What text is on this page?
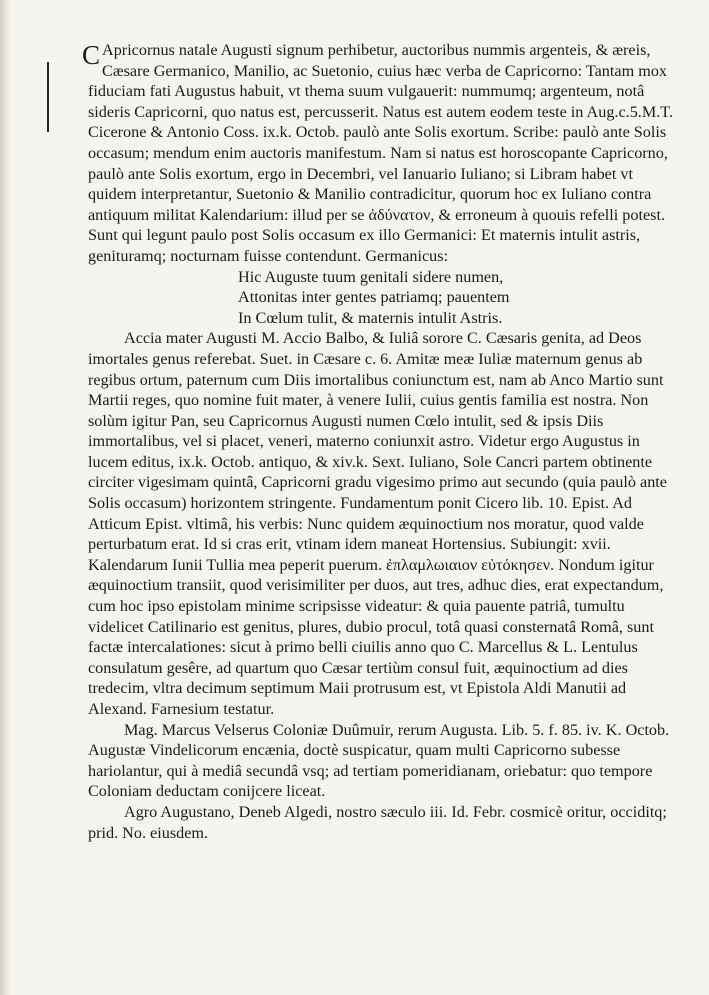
C Apricornus natale Augusti signum perhibetur, auctoribus nummis argenteis, & æreis, Cæsare Germanico, Manilio, ac Suetonio, cuius hæc verba de Capricorno: Tantam mox fiduciam fati Augustus habuit, vt thema suum vulgauerit: nummumq; argenteum, notâ sideris Capricorni, quo natus est, percusserit. Natus est autem eodem teste in Aug.c.5.M.T. Cicerone & Antonio Coss. ix.k. Octob. paulò ante Solis exortum. Scribe: paulò ante Solis occasum; mendum enim auctoris manifestum. Nam si natus est horoscopante Capricorno, paulò ante Solis exortum, ergo in Decembri, vel Ianuario Iuliano; si Libram habet vt quidem interpretantur, Suetonio & Manilio contradicitur, quorum hoc ex Iuliano contra antiquum militat Kalendarium: illud per se ἀδύνατον, & erroneum à quouis refelli potest. Sunt qui legunt paulo post Solis occasum ex illo Germanici: Et maternis intulit astris, genituramq; nocturnam fuisse contendunt. Germanicus:

Hic Auguste tuum genitali sidere numen,

Attonitas inter gentes patriamq; pauentem

In Cœlum tulit, & maternis intulit Astris.

Accia mater Augusti M. Accio Balbo, & Iuliâ sorore C. Cæsaris genita, ad Deos imortales genus referebat. Suet. in Cæsare c. 6. Amitæ meæ Iuliæ maternum genus ab regibus ortum, paternum cum Diis imortalibus coniunctum est, nam ab Anco Martio sunt Martii reges, quo nomine fuit mater, à venere Iulii, cuius gentis familia est nostra. Non solùm igitur Pan, seu Capricornus Augusti numen Cœlo intulit, sed & ipsis Diis immortalibus, vel si placet, veneri, materno coniunxit astro. Videtur ergo Augustus in lucem editus, ix.k. Octob. antiquo, & xiv.k. Sext. Iuliano, Sole Cancri partem obtinente circiter vigesimam quintâ, Capricorni gradu vigesimo primo aut secundo (quia paulò ante Solis occasum) horizontem stringente. Fundamentum ponit Cicero lib. 10. Epist. Ad Atticum Epist. vltimâ, his verbis: Nunc quidem æquinoctium nos moratur, quod valde perturbatum erat. Id si cras erit, vtinam idem maneat Hortensius. Subiungit: xvii. Kalendarum Iunii Tullia mea peperit puerum. ἐπλαμλωιαιον εὐτόκησεν. Nondum igitur æquinoctium transiit, quod verisimiliter per duos, aut tres, adhuc dies, erat expectandum, cum hoc ipso epistolam minime scripsisse videatur: & quia pauente patriâ, tumultu videlicet Catilinario est genitus, plures, dubio procul, totâ quasi consternatâ Româ, sunt factæ intercalationes: sicut à primo belli ciuilis anno quo C. Marcellus & L. Lentulus consulatum gesêre, ad quartum quo Cæsar tertiùm consul fuit, æquinoctium ad dies tredecim, vltra decimum septimum Maii protrusum est, vt Epistola Aldi Manutii ad Alexand. Farnesium testatur.

Mag. Marcus Velserus Coloniæ Duûmuir, rerum Augusta. Lib. 5. f. 85. iv. K. Octob. Augustæ Vindelicorum encænia, doctè suspicatur, quam multi Capricorno subesse hariolantur, qui à mediâ secundâ vsq; ad tertiam pomeridianam, oriebatur: quo tempore Coloniam deductam conijcere liceat.

Agro Augustano, Deneb Algedi, nostro sæculo iii. Id. Febr. cosmicè oritur, occiditq; prid. No. eiusdem.
